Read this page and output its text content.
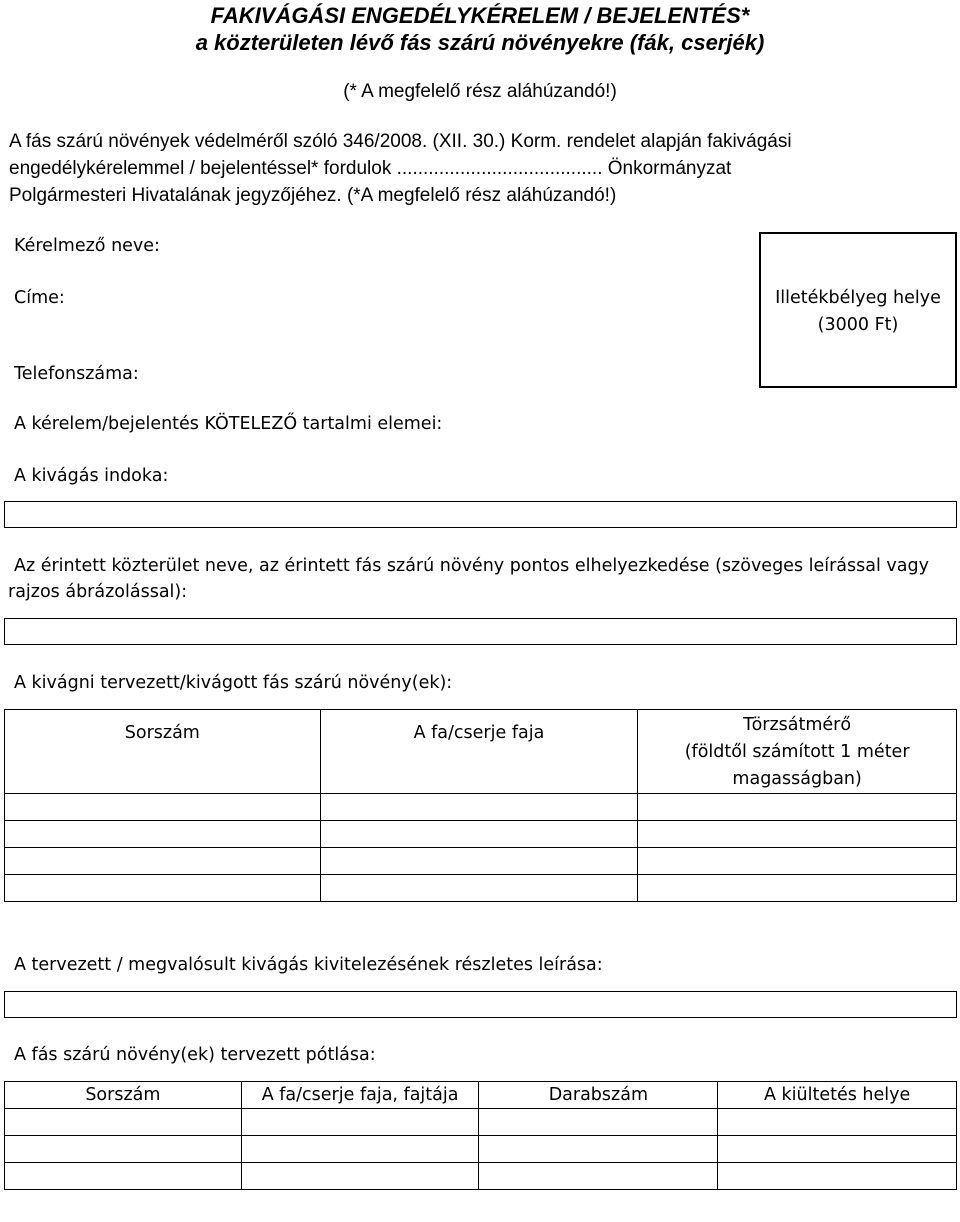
FAKIVÁGÁSI ENGEDÉLYKÉRELEM / BEJELENTÉS*
a közterületen lévő fás szárú növényekre (fák, cserjék)
(* A megfelelő rész aláhúzandó!)
A fás szárú növények védelméről szóló 346/2008. (XII. 30.) Korm. rendelet alapján fakivágási
engedélykérelemmel / bejelentéssel* fordulok ....................................... Önkormányzat
Polgármesteri Hivatalának jegyzőjéhez. (*A megfelelő rész aláhúzandó!)
Kérelmező neve:
Címe:
Telefonszáma:
Illetékbélyeg helye
(3000 Ft)
A kérelem/bejelentés KÖTELEZŐ tartalmi elemei:
A kivágás indoka:
Az érintett közterület neve, az érintett fás szárú növény pontos elhelyezkedése (szöveges leírással vagy
rajzos ábrázolással):
A kivágni tervezett/kivágott fás szárú növény(ek):
Sorszám	A fa/cserje faja	Törzsátmérő
(földtől számított 1 méter
magasságban)

A tervezett / megvalósult kivágás kivitelezésének részletes leírása:
A fás szárú növény(ek) tervezett pótlása:
Sorszám	A fa/cserje faja, fajtája	Darabszám	A kiültetés helye
